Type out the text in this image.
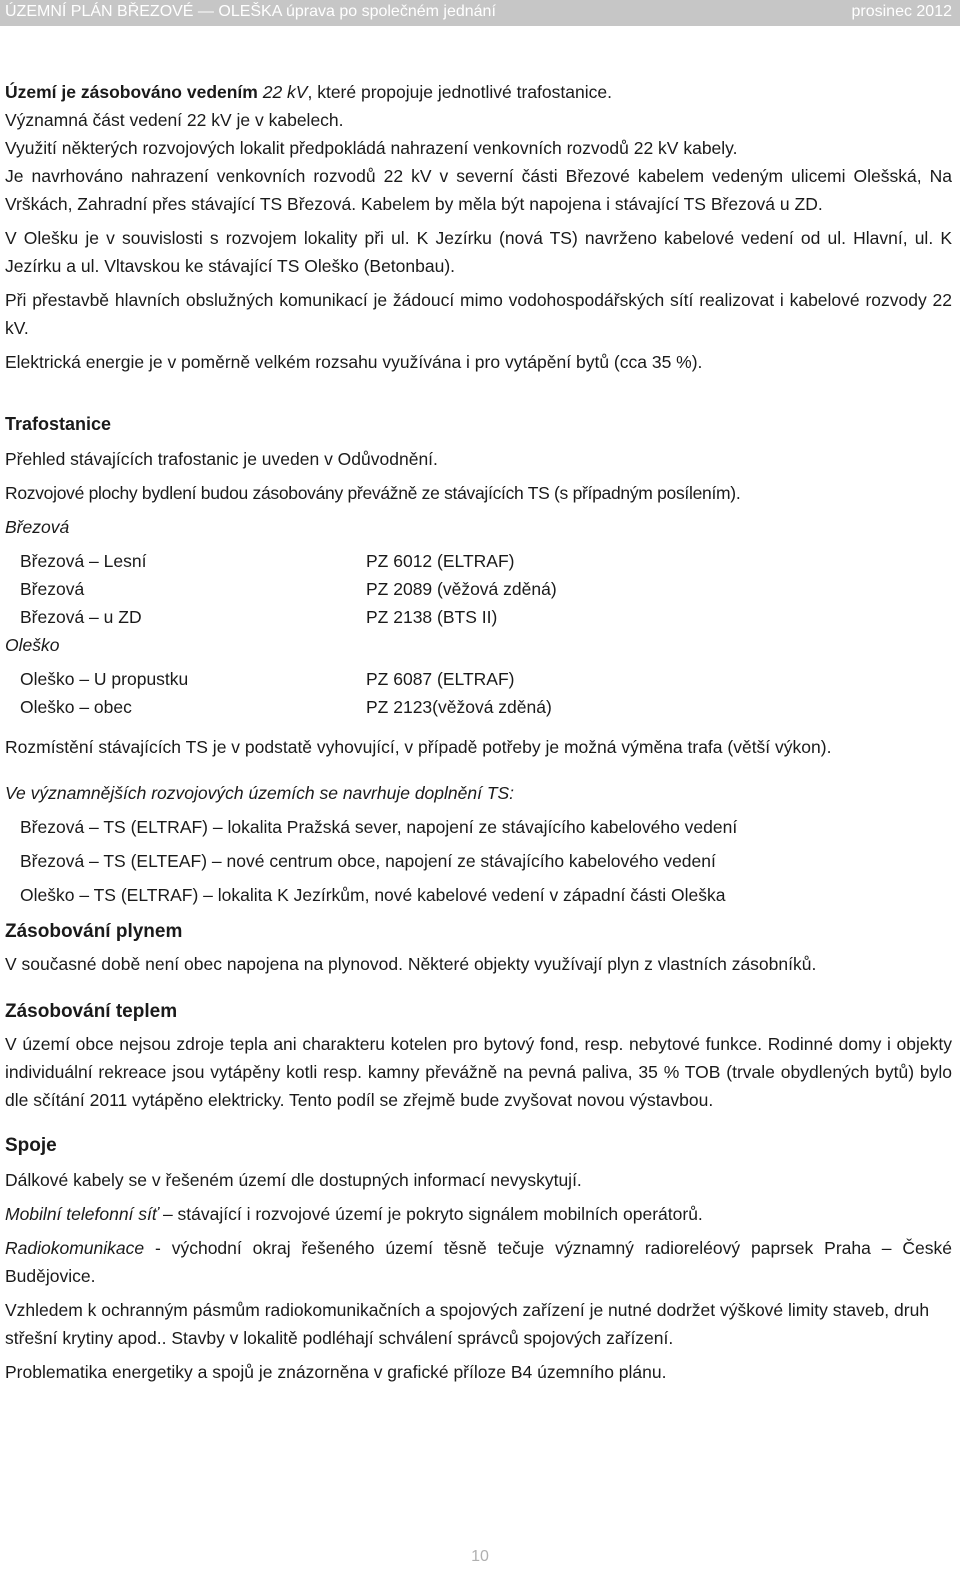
ÚZEMNÍ PLÁN BŘEZOVÉ — OLEŠKA úprava po společném jednání	prosinec 2012

Území je zásobováno vedením 22 kV, které propojuje jednotlivé trafostanice.

Významná část vedení 22 kV je v kabelech.

Využití některých rozvojových lokalit předpokládá nahrazení venkovních rozvodů 22 kV kabely.

Je navrhováno nahrazení venkovních rozvodů 22 kV v severní části Březové kabelem vedeným ulicemi Olešská, Na Vrškách, Zahradní přes stávající TS Březová. Kabelem by měla být napojena i stávající TS Březová u ZD.

V Olešku je v souvislosti s rozvojem lokality při ul. K Jezírku (nová TS) navrženo kabelové vedení od ul. Hlavní, ul. K Jezírku a ul. Vltavskou ke stávající TS Oleško (Betonbau).

Při přestavbě hlavních obslužných komunikací je žádoucí mimo vodohospodářských sítí realizovat i kabelové rozvody 22 kV.

Elektrická energie je v poměrně velkém rozsahu využívána i pro vytápění bytů (cca 35 %).

Trafostanice

Přehled stávajících trafostanic je uveden v Odůvodnění.

Rozvojové plochy bydlení budou zásobovány převážně ze stávajících TS (s případným posílením).

Březová

Březová – Lesní	PZ 6012 (ELTRAF)
Březová	PZ 2089 (věžová zděná)
Březová – u ZD	PZ 2138 (BTS II)

Oleško

Oleško – U propustku	PZ 6087 (ELTRAF)
Oleško – obec	PZ 2123(věžová zděná)

Rozmístění stávajících TS je v podstatě vyhovující, v případě potřeby je možná výměna trafa (větší výkon).

Ve významnějších rozvojových územích se navrhuje doplnění TS:

Březová – TS (ELTRAF) – lokalita Pražská sever, napojení ze stávajícího kabelového vedení
Březová – TS (ELTEAF) – nové centrum obce, napojení ze stávajícího kabelového vedení
Oleško – TS (ELTRAF) – lokalita K Jezírkům, nové kabelové vedení v západní části Oleška

Zásobování plynem

V současné době není obec napojena na plynovod. Některé objekty využívají plyn z vlastních zásobníků.

Zásobování teplem

V území obce nejsou zdroje tepla ani charakteru kotelen pro bytový fond, resp. nebytové funkce. Rodinné domy i objekty individuální rekreace jsou vytápěny kotli resp. kamny převážně na pevná paliva, 35 % TOB (trvale obydlených bytů) bylo dle sčítání 2011 vytápěno elektricky. Tento podíl se zřejmě bude zvyšovat novou výstavbou.

Spoje

Dálkové kabely se v řešeném území dle dostupných informací nevyskytují.

Mobilní telefonní síť – stávající i rozvojové území je pokryto signálem mobilních operátorů.

Radiokomunikace - východní okraj řešeného území těsně tečuje významný radioreléový paprsek Praha – České Budějovice.

Vzhledem k ochranným pásmům radiokomunikačních a spojových zařízení je nutné dodržet výškové limity staveb, druh střešní krytiny apod.. Stavby v lokalitě podléhají schválení správců spojových zařízení.

Problematika energetiky a spojů je znázorněna v grafické příloze B4 územního plánu.

10
